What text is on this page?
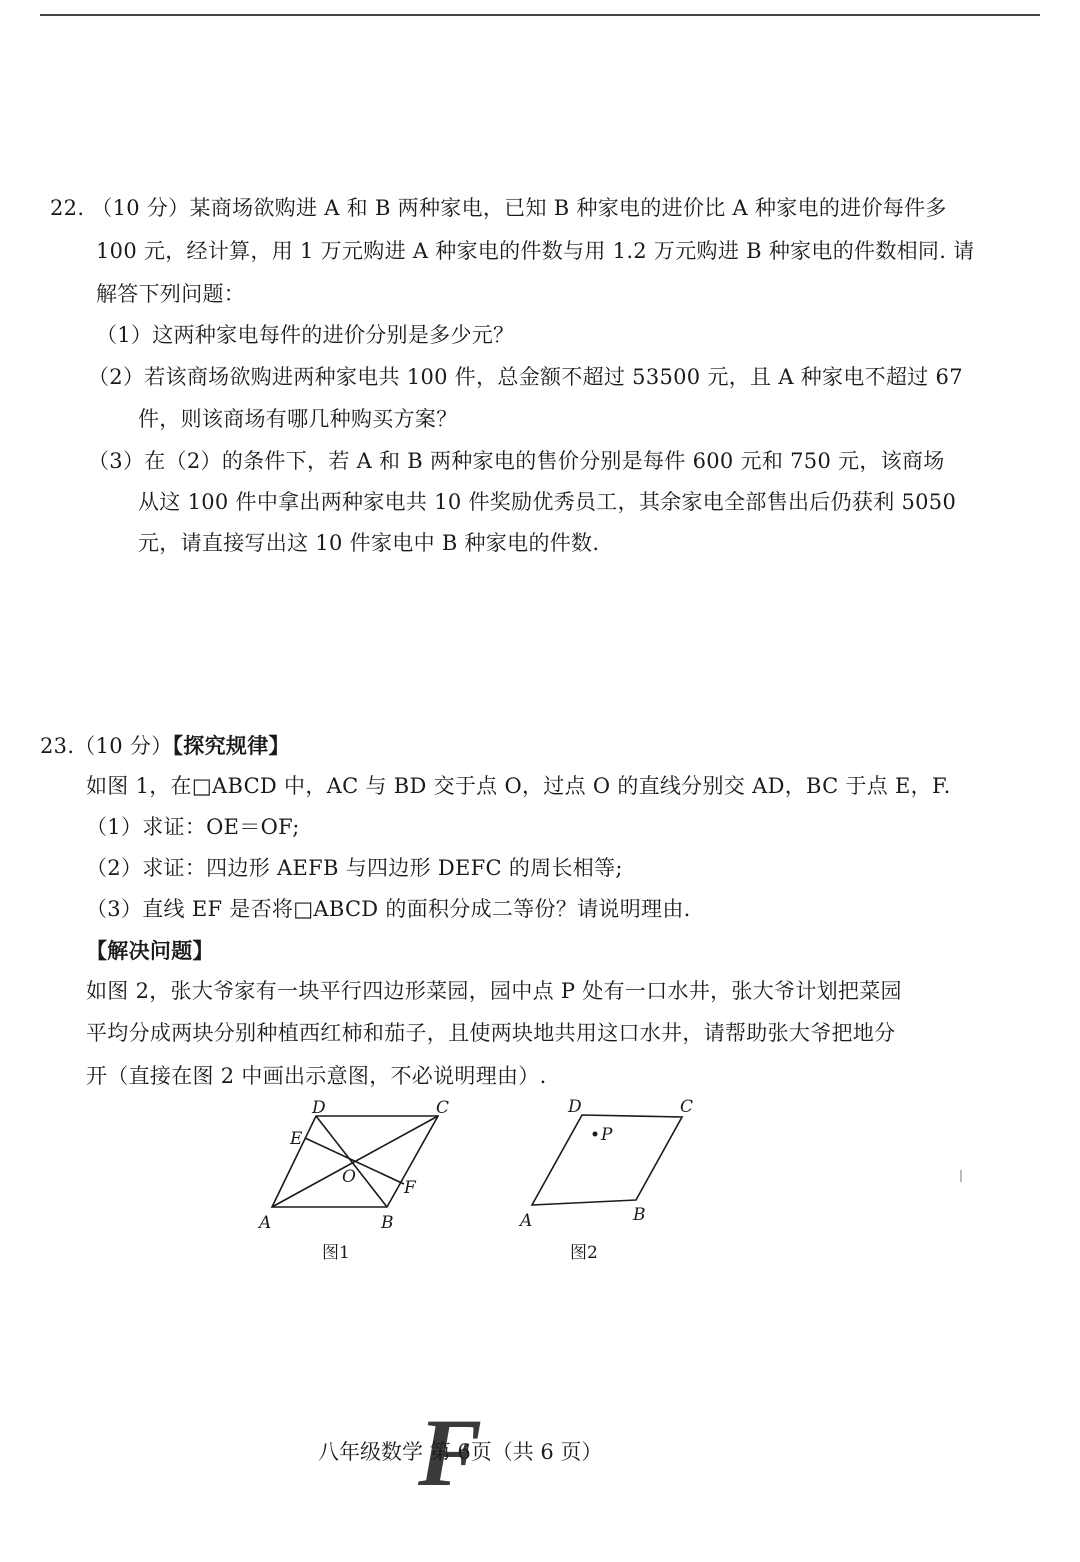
22. （10 分）某商场欲购进 A 和 B 两种家电，已知 B 种家电的进价比 A 种家电的进价每件多
100 元，经计算，用 1 万元购进 A 种家电的件数与用 1.2 万元购进 B 种家电的件数相同. 请
解答下列问题：
（1）这两种家电每件的进价分别是多少元？
（2）若该商场欲购进两种家电共 100 件，总金额不超过 53500 元，且 A 种家电不超过 67
件，则该商场有哪几种购买方案？
（3）在（2）的条件下，若 A 和 B 两种家电的售价分别是每件 600 元和 750 元，该商场
从这 100 件中拿出两种家电共 10 件奖励优秀员工，其余家电全部售出后仍获利 5050
元，请直接写出这 10 件家电中 B 种家电的件数.
23.（10 分）【探究规律】
如图 1，在□ABCD 中，AC 与 BD 交于点 O，过点 O 的直线分别交 AD，BC 于点 E，F.
（1）求证：OE＝OF;
（2）求证：四边形 AEFB 与四边形 DEFC 的周长相等;
（3）直线 EF 是否将□ABCD 的面积分成二等份？请说明理由.
【解决问题】
如图 2，张大爷家有一块平行四边形菜园，园中点 P 处有一口水井，张大爷计划把菜园
平均分成两块分别种植西红柿和茄子，且使两块地共用这口水井，请帮助张大爷把地分
开（直接在图 2 中画出示意图，不必说明理由）.
D	C
E
O
F
A	B
图1
P
D	C
A	B
图2
F
八年级数学 第 6页（共 6 页）
